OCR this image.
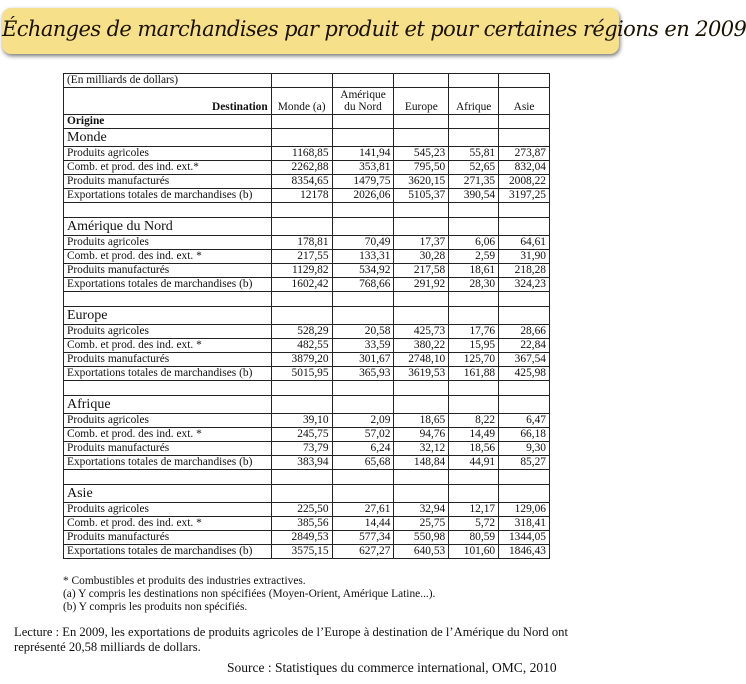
Échanges de marchandises par produit et pour certaines régions en 2009
(En milliards de dollars)					
Destination	Monde (a)	Amérique du Nord	Europe	Afrique	Asie
Origine					
Monde					
Produits agricoles	1168,85	141,94	545,23	55,81	273,87
Comb. et prod. des ind. ext.*	2262,88	353,81	795,50	52,65	832,04
Produits manufacturés	8354,65	1479,75	3620,15	271,35	2008,22
Exportations totales de marchandises (b)	12178	2026,06	5105,37	390,54	3197,25

Amérique du Nord					
Produits agricoles	178,81	70,49	17,37	6,06	64,61
Comb. et prod. des ind. ext. *	217,55	133,31	30,28	2,59	31,90
Produits manufacturés	1129,82	534,92	217,58	18,61	218,28
Exportations totales de marchandises (b)	1602,42	768,66	291,92	28,30	324,23

Europe					
Produits agricoles	528,29	20,58	425,73	17,76	28,66
Comb. et prod. des ind. ext. *	482,55	33,59	380,22	15,95	22,84
Produits manufacturés	3879,20	301,67	2748,10	125,70	367,54
Exportations totales de marchandises (b)	5015,95	365,93	3619,53	161,88	425,98

Afrique					
Produits agricoles	39,10	2,09	18,65	8,22	6,47
Comb. et prod. des ind. ext. *	245,75	57,02	94,76	14,49	66,18
Produits manufacturés	73,79	6,24	32,12	18,56	9,30
Exportations totales de marchandises (b)	383,94	65,68	148,84	44,91	85,27

Asie					
Produits agricoles	225,50	27,61	32,94	12,17	129,06
Comb. et prod. des ind. ext. *	385,56	14,44	25,75	5,72	318,41
Produits manufacturés	2849,53	577,34	550,98	80,59	1344,05
Exportations totales de marchandises (b)	3575,15	627,27	640,53	101,60	1846,43
* Combustibles et produits des industries extractives.
(a) Y compris les destinations non spécifiées (Moyen-Orient, Amérique Latine...).
(b) Y compris les produits non spécifiés.
Lecture : En 2009, les exportations de produits agricoles de l’Europe à destination de l’Amérique du Nord ont représenté 20,58 milliards de dollars.
Source : Statistiques du commerce international, OMC, 2010
